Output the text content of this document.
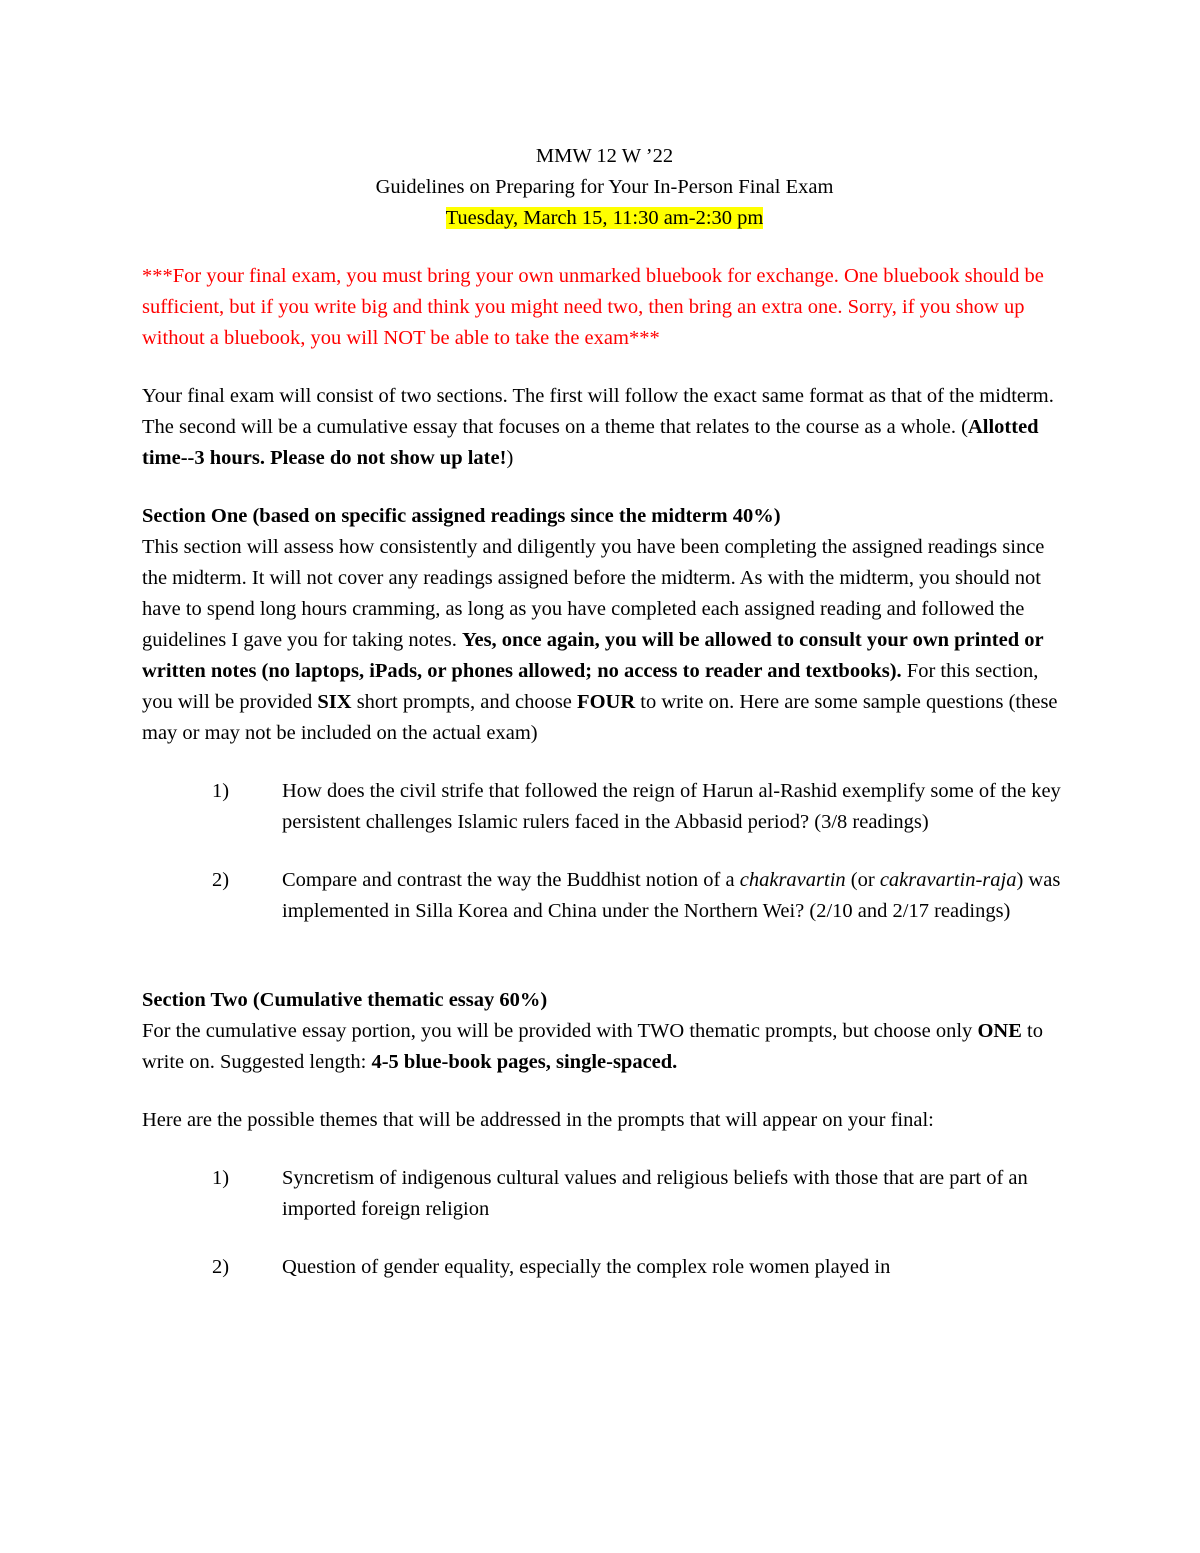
MMW 12 W ’22

Guidelines on Preparing for Your In-Person Final Exam

Tuesday, March 15, 11:30 am-2:30 pm

***For your final exam, you must bring your own unmarked bluebook for exchange. One bluebook should be sufficient, but if you write big and think you might need two, then bring an extra one. Sorry, if you show up without a bluebook, you will NOT be able to take the exam***

Your final exam will consist of two sections. The first will follow the exact same format as that of the midterm. The second will be a cumulative essay that focuses on a theme that relates to the course as a whole. (Allotted time--3 hours. Please do not show up late!)

Section One (based on specific assigned readings since the midterm 40%)

This section will assess how consistently and diligently you have been completing the assigned readings since the midterm. It will not cover any readings assigned before the midterm. As with the midterm, you should not have to spend long hours cramming, as long as you have completed each assigned reading and followed the guidelines I gave you for taking notes. Yes, once again, you will be allowed to consult your own printed or written notes (no laptops, iPads, or phones allowed; no access to reader and textbooks). For this section, you will be provided SIX short prompts, and choose FOUR to write on. Here are some sample questions (these may or may not be included on the actual exam)

1)	How does the civil strife that followed the reign of Harun al-Rashid exemplify some of the key persistent challenges Islamic rulers faced in the Abbasid period? (3/8 readings)
2)	Compare and contrast the way the Buddhist notion of a chakravartin (or cakravartin-raja) was implemented in Silla Korea and China under the Northern Wei? (2/10 and 2/17 readings)

Section Two (Cumulative thematic essay 60%)

For the cumulative essay portion, you will be provided with TWO thematic prompts, but choose only ONE to write on. Suggested length: 4-5 blue-book pages, single-spaced.

Here are the possible themes that will be addressed in the prompts that will appear on your final:

1)	Syncretism of indigenous cultural values and religious beliefs with those that are part of an imported foreign religion
2)	Question of gender equality, especially the complex role women played in
